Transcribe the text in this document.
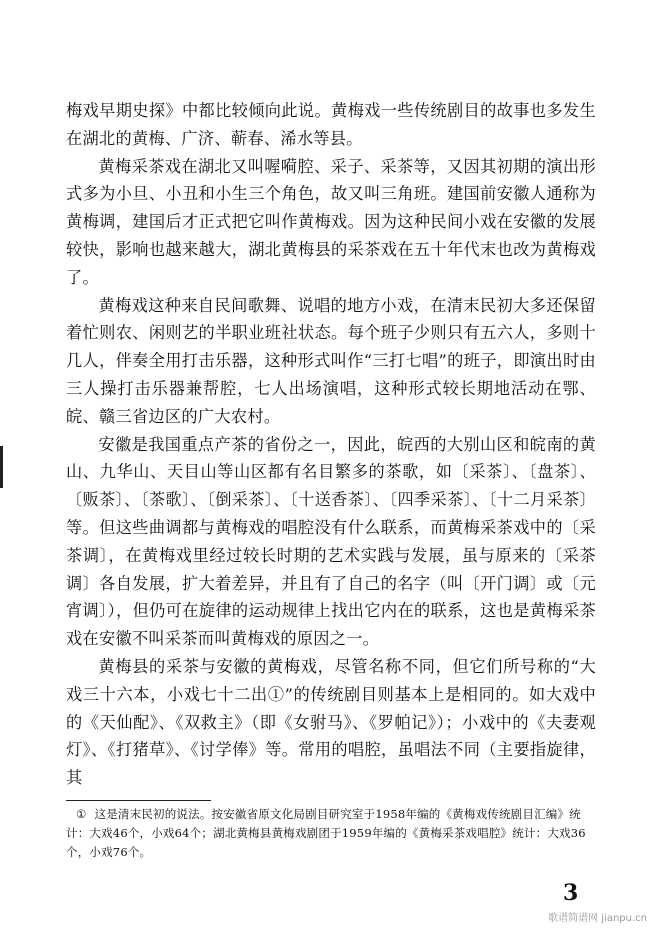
梅戏早期史探》中都比较倾向此说。黄梅戏一些传统剧目的故事也多发生在湖北的黄梅、广济、蕲春、浠水等县。

黄梅采茶戏在湖北又叫喔嗬腔、采子、采茶等，又因其初期的演出形式多为小旦、小丑和小生三个角色，故又叫三角班。建国前安徽人通称为黄梅调，建国后才正式把它叫作黄梅戏。因为这种民间小戏在安徽的发展较快，影响也越来越大，湖北黄梅县的采茶戏在五十年代末也改为黄梅戏了。

黄梅戏这种来自民间歌舞、说唱的地方小戏，在清末民初大多还保留着忙则农、闲则艺的半职业班社状态。每个班子少则只有五六人，多则十几人，伴奏全用打击乐器，这种形式叫作“三打七唱”的班子，即演出时由三人操打击乐器兼帮腔，七人出场演唱，这种形式较长期地活动在鄂、皖、赣三省边区的广大农村。

安徽是我国重点产茶的省份之一，因此，皖西的大别山区和皖南的黄山、九华山、天目山等山区都有名目繁多的茶歌，如〔采茶〕、〔盘茶〕、〔贩茶〕、〔茶歌〕、〔倒采茶〕、〔十送香茶〕、〔四季采茶〕、〔十二月采茶〕等。但这些曲调都与黄梅戏的唱腔没有什么联系，而黄梅采茶戏中的〔采茶调〕，在黄梅戏里经过较长时期的艺术实践与发展，虽与原来的〔采茶调〕各自发展，扩大着差异，并且有了自己的名字（叫〔开门调〕或〔元宵调〕），但仍可在旋律的运动规律上找出它内在的联系，这也是黄梅采茶戏在安徽不叫采茶而叫黄梅戏的原因之一。

黄梅县的采茶与安徽的黄梅戏，尽管名称不同，但它们所号称的“大戏三十六本，小戏七十二出①”的传统剧目则基本上是相同的。如大戏中的《天仙配》、《双救主》（即《女驸马》、《罗帕记》）；小戏中的《夫妻观灯》、《打猪草》、《讨学俸》等。常用的唱腔，虽唱法不同（主要指旋律，其

① 这是清末民初的说法。按安徽省原文化局剧目研究室于1958年编的《黄梅戏传统剧目汇编》统计：大戏46个，小戏64个；湖北黄梅县黄梅戏剧团于1959年编的《黄梅采茶戏唱腔》统计：大戏36个，小戏76个。
3
歌谱简谱网 jianpu.cn
